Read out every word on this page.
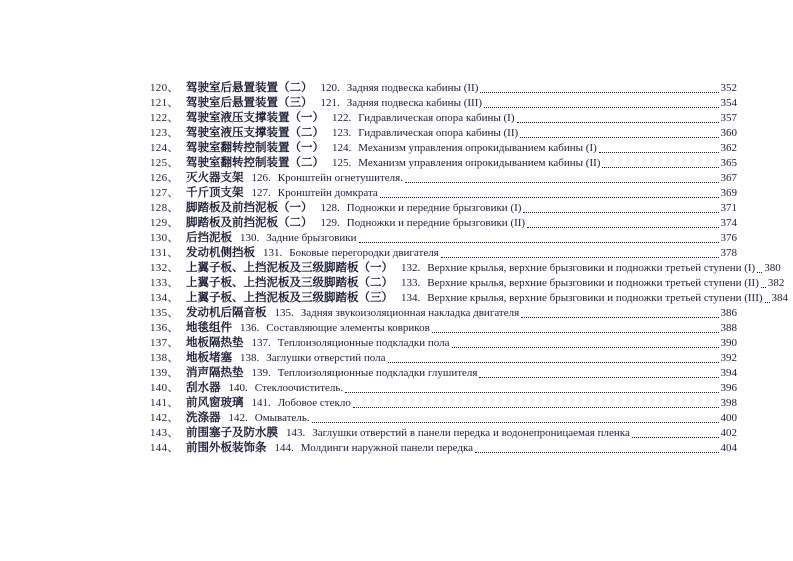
120、 驾驶室后悬置装置（二） 120. Задняя подвеска кабины (II)	352
121、 驾驶室后悬置装置（三） 121. Задняя подвеска кабины (III)	354
122、 驾驶室液压支撑装置（一） 122. Гидравлическая опора кабины (I)	357
123、 驾驶室液压支撑装置（二） 123. Гидравлическая опора кабины (II)	360
124、 驾驶室翻转控制装置（一） 124. Механизм управления опрокидыванием кабины (I)	362
125、 驾驶室翻转控制装置（二） 125. Механизм управления опрокидыванием кабины (II)	365
126、 灭火器支架 126. Кронштейн огнетушителя.	367
127、 千斤顶支架 127. Кронштейн домкрата	369
128、 脚踏板及前挡泥板（一） 128. Подножки и передние брызговики (I)	371
129、 脚踏板及前挡泥板（二） 129. Подножки и передние брызговики (II)	374
130、 后挡泥板 130. Задние брызговики	376
131、 发动机侧挡板 131. Боковые перегородки двигателя	378
132、 上翼子板、上挡泥板及三级脚踏板（一） 132. Верхние крылья, верхние брызговики и подножки третьей ступени (I) 380
133、 上翼子板、上挡泥板及三级脚踏板（二） 133. Верхние крылья, верхние брызговики и подножки третьей ступени (II) 382
134、 上翼子板、上挡泥板及三级脚踏板（三） 134. Верхние крылья, верхние брызговики и подножки третьей ступени (III) 384
135、 发动机后隔音板 135. Задняя звукоизоляционная накладка двигателя	386
136、 地毯组件 136. Составляющие элементы ковриков	388
137、 地板隔热垫 137. Теплоизоляционные подкладки пола	390
138、 地板堵塞 138. Заглушки отверстий пола	392
139、 消声隔热垫 139. Теплоизоляционные подкладки глушителя	394
140、 刮水器 140. Стеклоочиститель.	396
141、 前风窗玻璃 141. Лобовое стекло	398
142、 洗涤器 142. Омыватель.	400
143、 前围塞子及防水膜 143. Заглушки отверстий в панели передка и водонепроницаемая пленка	402
144、 前围外板装饰条 144. Молдинги наружной панели передка	404
